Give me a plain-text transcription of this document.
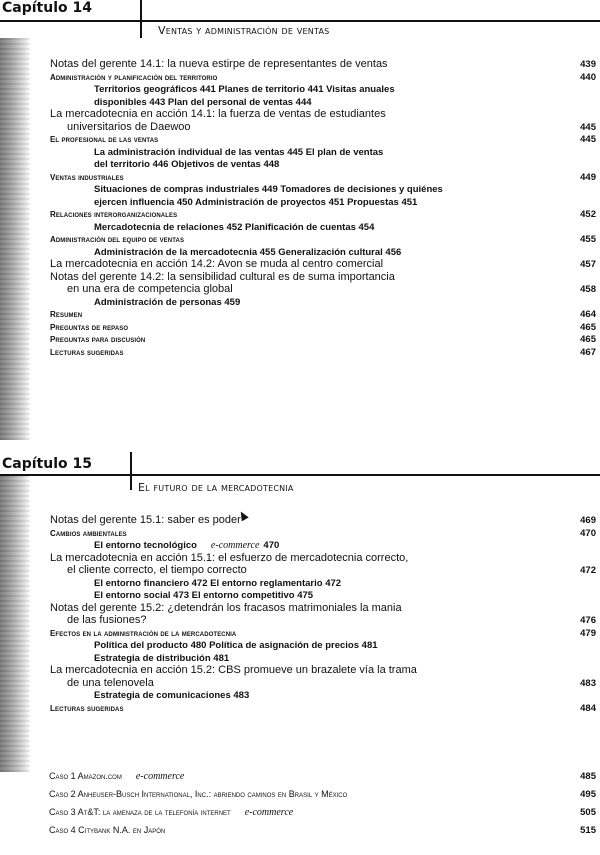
Capítulo 14
Ventas y administración de ventas
Notas del gerente 14.1: la nueva estirpe de representantes de ventas	439
Administración y planificación del territorio	440
Territorios geográficos 441 Planes de territorio 441 Visitas anuales
disponibles 443 Plan del personal de ventas 444
La mercadotecnia en acción 14.1: la fuerza de ventas de estudiantes
universitarios de Daewoo	445
El profesional de las ventas	445
La administración individual de las ventas 445 El plan de ventas
del territorio 446 Objetivos de ventas 448
Ventas industriales	449
Situaciones de compras industriales 449 Tomadores de decisiones y quiénes
ejercen influencia 450 Administración de proyectos 451 Propuestas 451
Relaciones interorganizacionales	452
Mercadotecnia de relaciones 452 Planificación de cuentas 454
Administración del equipo de ventas	455
Administración de la mercadotecnia 455 Generalización cultural 456
La mercadotecnia en acción 14.2: Avon se muda al centro comercial	457
Notas del gerente 14.2: la sensibilidad cultural es de suma importancia
en una era de competencia global	458
Administración de personas 459
Resumen	464
Preguntas de repaso	465
Preguntas para discusión	465
Lecturas sugeridas	467
Capítulo 15
El futuro de la mercadotecnia
Notas del gerente 15.1: saber es poder	469
Cambios ambientales	470
El entorno tecnológico e-commerce 470
La mercadotecnia en acción 15.1: el esfuerzo de mercadotecnia correcto,
el cliente correcto, el tiempo correcto	472
El entorno financiero 472 El entorno reglamentario 472
El entorno social 473 El entorno competitivo 475
Notas del gerente 15.2: ¿detendrán los fracasos matrimoniales la mania
de las fusiones?	476
Efectos en la administración de la mercadotecnia	479
Política del producto 480 Política de asignación de precios 481
Estrategia de distribución 481
La mercadotecnia en acción 15.2: CBS promueve un brazalete vía la trama
de una telenovela	483
Estrategia de comunicaciones 483
Lecturas sugeridas	484
Caso 1 Amazon.com e-commerce	485
Caso 2 Anheuser-Busch International, Inc.: abriendo caminos en Brasil y México	495
Caso 3 At&T: la amenaza de la telefonía internet e-commerce	505
Caso 4 Citybank N.A. en Japón	515
